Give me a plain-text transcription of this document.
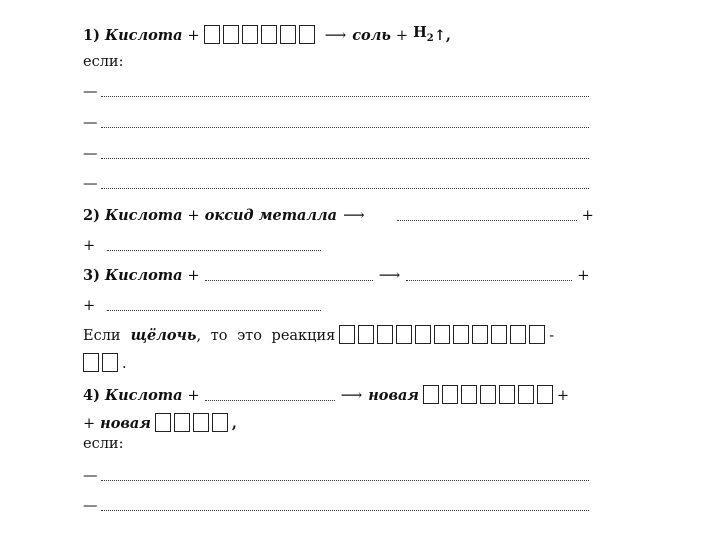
1) Кислота +	⟶ соль + $H_2$ ↑,
если:
—
—
—
—
2) Кислота + оксид металла ⟶	+
+
3) Кислота +	⟶	+
+
Если щёлочь , то это реакция	-
.
4) Кислота +	⟶ новая	+
+ новая	,
если:
—
—
